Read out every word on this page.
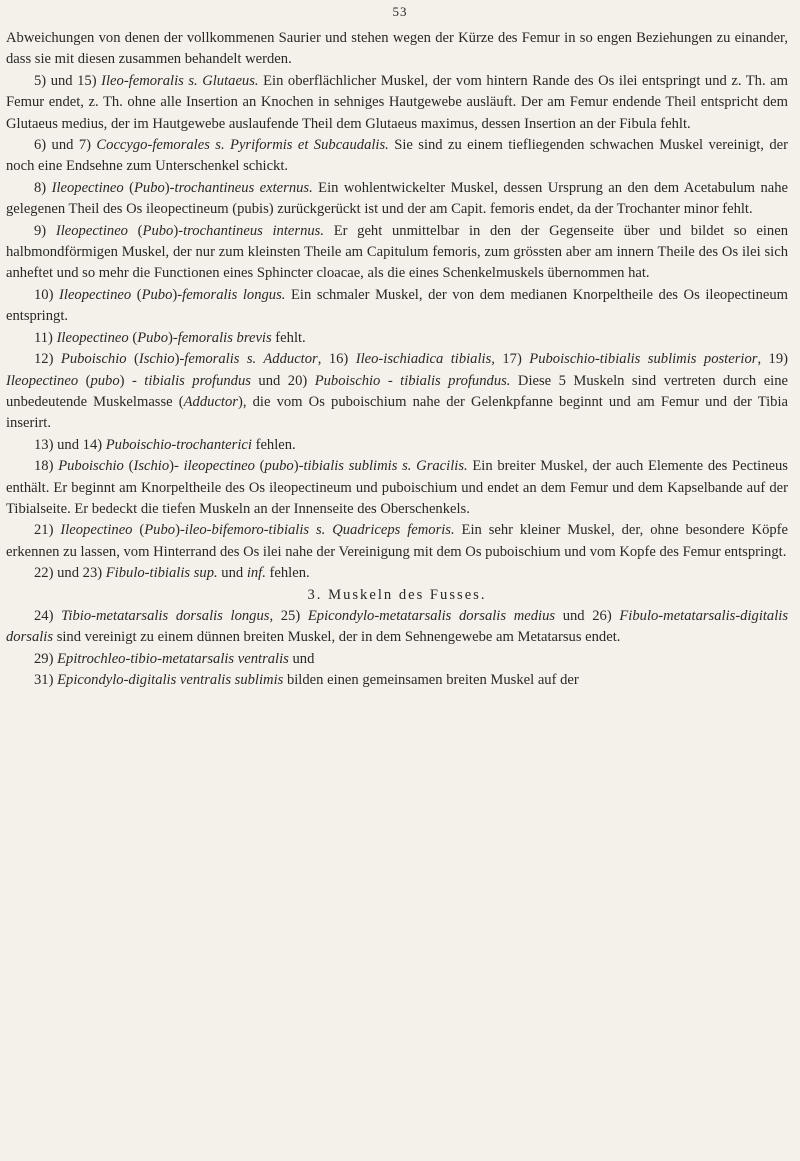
53

Abweichungen von denen der vollkommenen Saurier und stehen wegen der Kürze des Femur in so engen Beziehungen zu einander, dass sie mit diesen zusammen behandelt werden.

5) und 15) Ileo-femoralis s. Glutaeus. Ein oberflächlicher Muskel, der vom hintern Rande des Os ilei entspringt und z. Th. am Femur endet, z. Th. ohne alle Insertion an Knochen in sehniges Hautgewebe ausläuft. Der am Femur endende Theil entspricht dem Glutaeus medius, der im Hautgewebe auslaufende Theil dem Glutaeus maximus, dessen Insertion an der Fibula fehlt.

6) und 7) Coccygo-femorales s. Pyriformis et Subcaudalis. Sie sind zu einem tiefliegenden schwachen Muskel vereinigt, der noch eine Endsehne zum Unterschenkel schickt.

8) Ileopectineo (Pubo)-trochantineus externus. Ein wohlentwickelter Muskel, dessen Ursprung an den dem Acetabulum nahe gelegenen Theil des Os ileopectineum (pubis) zurückgerückt ist und der am Capit. femoris endet, da der Trochanter minor fehlt.

9) Ileopectineo (Pubo)-trochantineus internus. Er geht unmittelbar in den der Gegenseite über und bildet so einen halbmondförmigen Muskel, der nur zum kleinsten Theile am Capitulum femoris, zum grössten aber am innern Theile des Os ilei sich anheftet und so mehr die Functionen eines Sphincter cloacae, als die eines Schenkelmuskels übernommen hat.

10) Ileopectineo (Pubo)-femoralis longus. Ein schmaler Muskel, der von dem medianen Knorpeltheile des Os ileopectineum entspringt.

11) Ileopectineo (Pubo)-femoralis brevis fehlt.

12) Puboischio (Ischio)-femoralis s. Adductor, 16) Ileo-ischiadica tibialis, 17) Puboischio-tibialis sublimis posterior, 19) Ileopectineo (pubo) - tibialis profundus und 20) Puboischio - tibialis profundus. Diese 5 Muskeln sind vertreten durch eine unbedeutende Muskelmasse (Adductor), die vom Os puboischium nahe der Gelenkpfanne beginnt und am Femur und der Tibia inserirt.

13) und 14) Puboischio-trochanterici fehlen.

18) Puboischio (Ischio)- ileopectineo (pubo)-tibialis sublimis s. Gracilis. Ein breiter Muskel, der auch Elemente des Pectineus enthält. Er beginnt am Knorpeltheile des Os ileopectineum und puboischium und endet an dem Femur und dem Kapselbande auf der Tibialseite. Er bedeckt die tiefen Muskeln an der Innenseite des Oberschenkels.

21) Ileopectineo (Pubo)-ileo-bifemoro-tibialis s. Quadriceps femoris. Ein sehr kleiner Muskel, der, ohne besondere Köpfe erkennen zu lassen, vom Hinterrand des Os ilei nahe der Vereinigung mit dem Os puboischium und vom Kopfe des Femur entspringt.

22) und 23) Fibulo-tibialis sup. und inf. fehlen.

3. Muskeln des Fusses.

24) Tibio-metatarsalis dorsalis longus, 25) Epicondylo-metatarsalis dorsalis medius und 26) Fibulo-metatarsalis-digitalis dorsalis sind vereinigt zu einem dünnen breiten Muskel, der in dem Sehnengewebe am Metatarsus endet.

29) Epitrochleo-tibio-metatarsalis ventralis und

31) Epicondylo-digitalis ventralis sublimis bilden einen gemeinsamen breiten Muskel auf der
